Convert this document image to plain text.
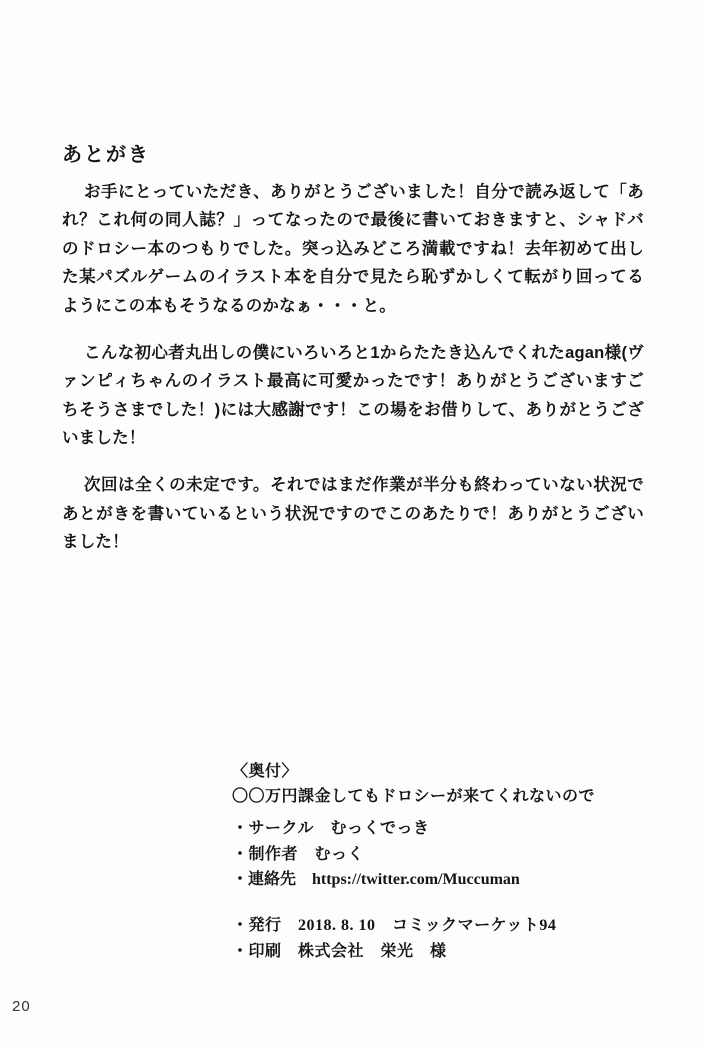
あとがき

お手にとっていただき、ありがとうございました！自分で読み返して「あれ？これ何の同人誌？」ってなったので最後に書いておきますと、シャドバのドロシー本のつもりでした。突っ込みどころ満載ですね！去年初めて出した某パズルゲームのイラスト本を自分で見たら恥ずかしくて転がり回ってるようにこの本もそうなるのかなぁ・・・と。

こんな初心者丸出しの僕にいろいろと1からたたき込んでくれたagan様(ヴァンピィちゃんのイラスト最高に可愛かったです！ありがとうございますごちそうさまでした！)には大感謝です！この場をお借りして、ありがとうございました！

次回は全くの未定です。それではまだ作業が半分も終わっていない状況であとがきを書いているという状況ですのでこのあたりで！ありがとうございました！

〈奥付〉
〇〇万円課金してもドロシーが来てくれないので
・サークル　むっくでっき
・制作者　むっく
・連絡先　https://twitter.com/Muccuman
・発行　2018. 8. 10　コミックマーケット94
・印刷　株式会社　栄光　様
20
